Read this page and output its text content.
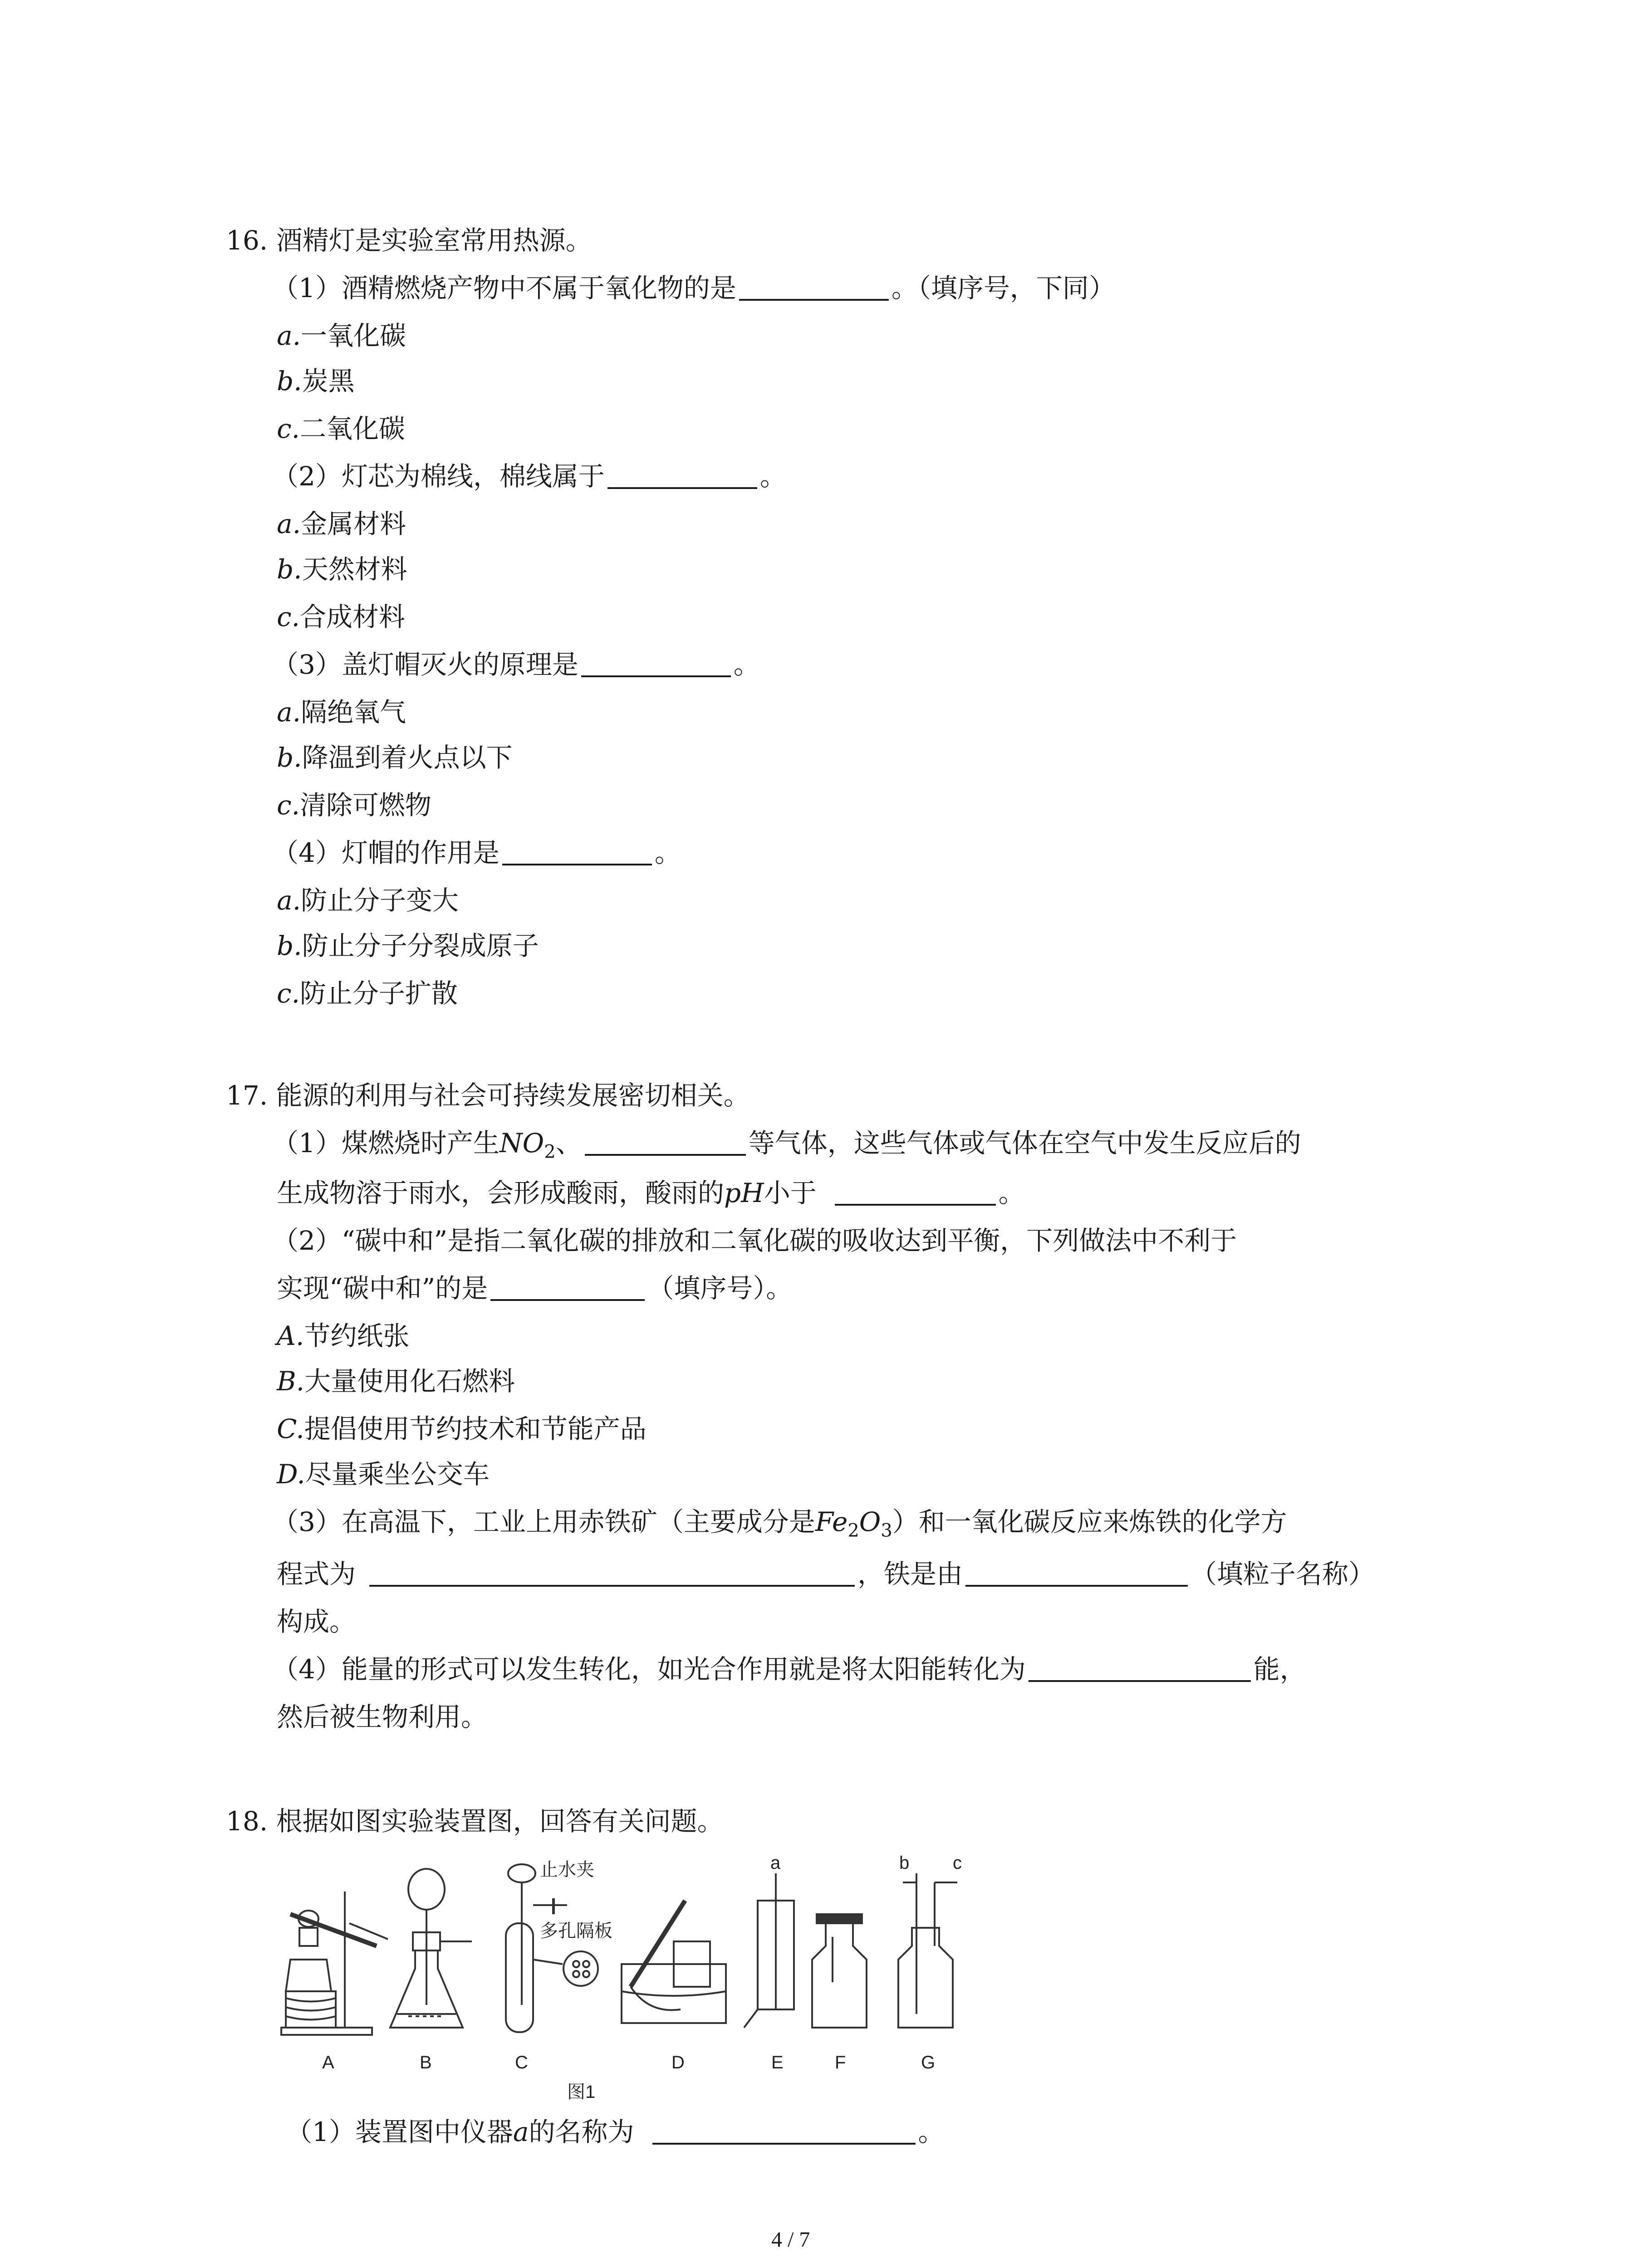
16. 酒精灯是实验室常用热源。
（1）酒精燃烧产物中不属于氧化物的是	。（填序号，下同）
a.一氧化碳
b.炭黑
c.二氧化碳
（2）灯芯为棉线，棉线属于	。
a.金属材料
b.天然材料
c.合成材料
（3）盖灯帽灭火的原理是	。
a.隔绝氧气
b.降温到着火点以下
c.清除可燃物
（4）灯帽的作用是	。
a.防止分子变大
b.防止分子分裂成原子
c.防止分子扩散
17. 能源的利用与社会可持续发展密切相关。
（1）煤燃烧时产生$NO_2$、	等气体，这些气体或气体在空气中发生反应后的
生成物溶于雨水，会形成酸雨，酸雨的pH小于	。
（2）“碳中和”是指二氧化碳的排放和二氧化碳的吸收达到平衡，下列做法中不利于
实现“碳中和”的是	（填序号）。
A.节约纸张
B.大量使用化石燃料
C.提倡使用节约技术和节能产品
D.尽量乘坐公交车
（3）在高温下，工业上用赤铁矿（主要成分是$Fe_2O_3$）和一氧化碳反应来炼铁的化学方
程式为	，铁是由	（填粒子名称）
构成。
（4）能量的形式可以发生转化，如光合作用就是将太阳能转化为	能，
然后被生物利用。
18. 根据如图实验装置图，回答有关问题。
A	B	C	D	E	F	G
图1
止水夹
多孔隔板
a	b c
（1）装置图中仪器a的名称为	。
4 / 7
